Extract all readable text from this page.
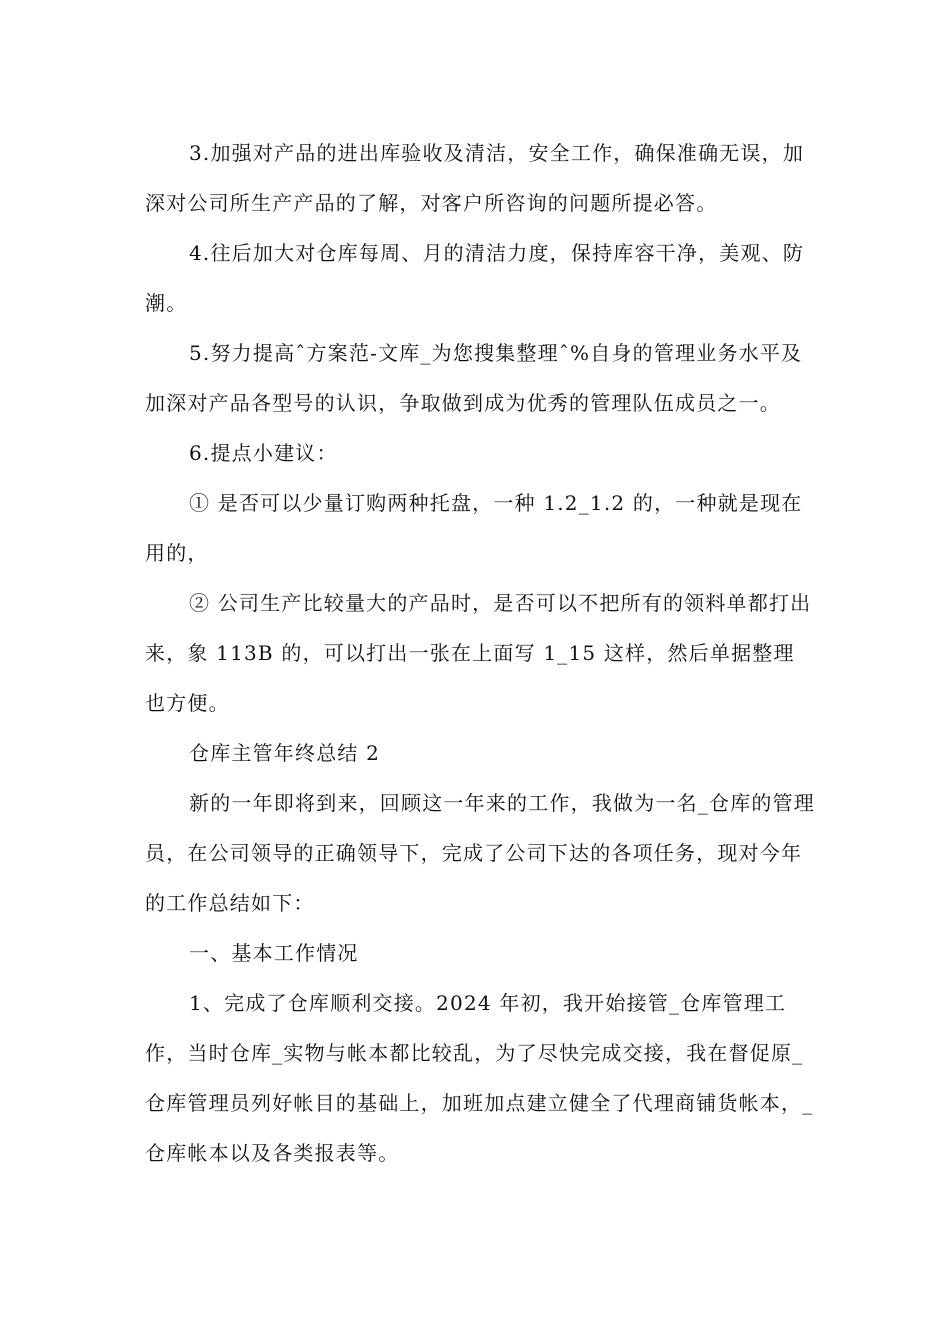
3.加强对产品的进出库验收及清洁，安全工作，确保准确无误，加深对公司所生产产品的了解，对客户所咨询的问题所提必答。

4.往后加大对仓库每周、月的清洁力度，保持库容干净，美观、防潮。

5.努力提高ˆ方案范-文库_为您搜集整理ˆ%自身的管理业务水平及加深对产品各型号的认识，争取做到成为优秀的管理队伍成员之一。

6.提点小建议：

① 是否可以少量订购两种托盘，一种 1.2_1.2 的，一种就是现在用的，

② 公司生产比较量大的产品时，是否可以不把所有的领料单都打出来，象 113B 的，可以打出一张在上面写 1_15 这样，然后单据整理也方便。

仓库主管年终总结 2

新的一年即将到来，回顾这一年来的工作，我做为一名_仓库的管理员，在公司领导的正确领导下，完成了公司下达的各项任务，现对今年的工作总结如下：

一、基本工作情况

1、完成了仓库顺利交接。2024 年初，我开始接管_仓库管理工作，当时仓库_实物与帐本都比较乱，为了尽快完成交接，我在督促原_仓库管理员列好帐目的基础上，加班加点建立健全了代理商铺货帐本，_仓库帐本以及各类报表等。
